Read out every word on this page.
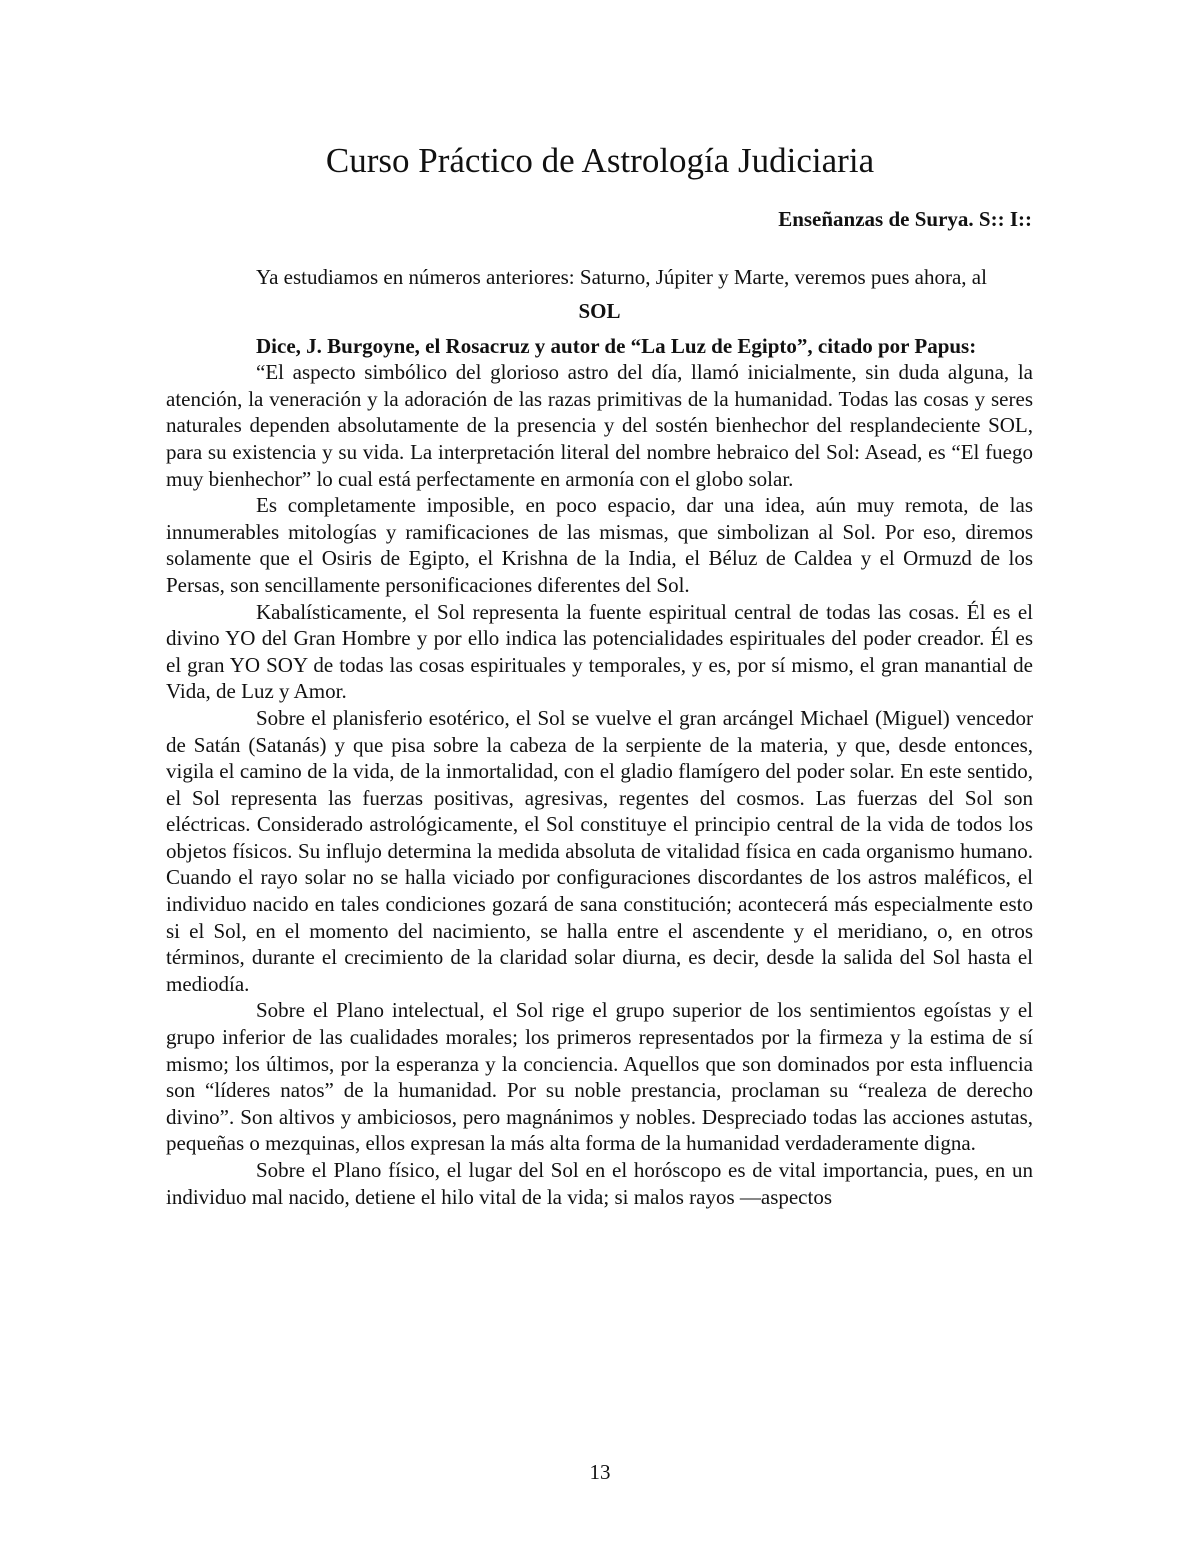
Curso Práctico de Astrología Judiciaria
Enseñanzas de Surya. S:: I::

Ya estudiamos en números anteriores: Saturno, Júpiter y Marte, veremos pues ahora, al

SOL

Dice, J. Burgoyne, el Rosacruz y autor de “La Luz de Egipto”, citado por Papus:

“El aspecto simbólico del glorioso astro del día, llamó inicialmente, sin duda alguna, la atención, la veneración y la adoración de las razas primitivas de la humanidad. Todas las cosas y seres naturales dependen absolutamente de la presencia y del sostén bienhechor del resplandeciente SOL, para su existencia y su vida. La interpretación literal del nombre hebraico del Sol: Asead, es “El fuego muy bienhechor” lo cual está perfectamente en armonía con el globo solar.

Es completamente imposible, en poco espacio, dar una idea, aún muy remota, de las innumerables mitologías y ramificaciones de las mismas, que simbolizan al Sol. Por eso, diremos solamente que el Osiris de Egipto, el Krishna de la India, el Béluz de Caldea y el Ormuzd de los Persas, son sencillamente personificaciones diferentes del Sol.

Kabalísticamente, el Sol representa la fuente espiritual central de todas las cosas. Él es el divino YO del Gran Hombre y por ello indica las potencialidades espirituales del poder creador. Él es el gran YO SOY de todas las cosas espirituales y temporales, y es, por sí mismo, el gran manantial de Vida, de Luz y Amor.

Sobre el planisferio esotérico, el Sol se vuelve el gran arcángel Michael (Miguel) vencedor de Satán (Satanás) y que pisa sobre la cabeza de la serpiente de la materia, y que, desde entonces, vigila el camino de la vida, de la inmortalidad, con el gladio flamígero del poder solar. En este sentido, el Sol representa las fuerzas positivas, agresivas, regentes del cosmos. Las fuerzas del Sol son eléctricas. Considerado astrológicamente, el Sol constituye el principio central de la vida de todos los objetos físicos. Su influjo determina la medida absoluta de vitalidad física en cada organismo humano. Cuando el rayo solar no se halla viciado por configuraciones discordantes de los astros maléficos, el individuo nacido en tales condiciones gozará de sana constitución; acontecerá más especialmente esto si el Sol, en el momento del nacimiento, se halla entre el ascendente y el meridiano, o, en otros términos, durante el crecimiento de la claridad solar diurna, es decir, desde la salida del Sol hasta el mediodía.

Sobre el Plano intelectual, el Sol rige el grupo superior de los sentimientos egoístas y el grupo inferior de las cualidades morales; los primeros representados por la firmeza y la estima de sí mismo; los últimos, por la esperanza y la conciencia. Aquellos que son dominados por esta influencia son “líderes natos” de la humanidad. Por su noble prestancia, proclaman su “realeza de derecho divino”. Son altivos y ambiciosos, pero magnánimos y nobles. Despreciado todas las acciones astutas, pequeñas o mezquinas, ellos expresan la más alta forma de la humanidad verdaderamente digna.

Sobre el Plano físico, el lugar del Sol en el horóscopo es de vital importancia, pues, en un individuo mal nacido, detiene el hilo vital de la vida; si malos rayos —aspectos

13
